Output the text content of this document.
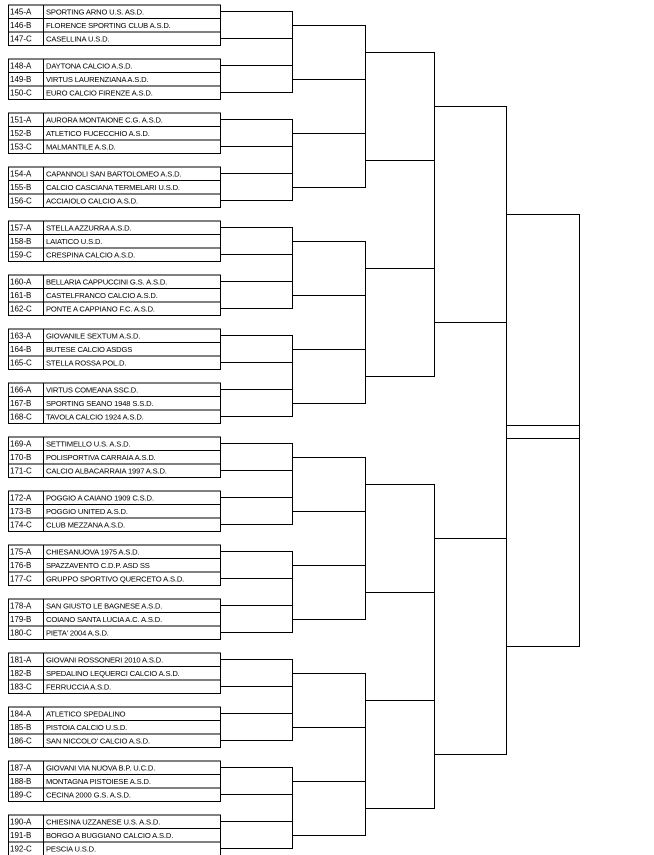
145-A SPORTING ARNO U.S. AS.D.
146-B FLORENCE SPORTING CLUB A.S.D.
147-C CASELLINA U.S.D.
148-A DAYTONA CALCIO A.S.D.
149-B VIRTUS LAURENZIANA A.S.D.
150-C EURO CALCIO FIRENZE A.S.D.
151-A AURORA MONTAIONE C.G. A.S.D.
152-B ATLETICO FUCECCHIO A.S.D.
153-C MALMANTILE A.S.D.
154-A CAPANNOLI SAN BARTOLOMEO A.S.D.
155-B CALCIO CASCIANA TERMELARI U.S.D.
156-C ACCIAIOLO CALCIO A.S.D.
157-A STELLA AZZURRA A.S.D.
158-B LAIATICO U.S.D.
159-C CRESPINA CALCIO A.S.D.
160-A BELLARIA CAPPUCCINI G.S. A.S.D.
161-B CASTELFRANCO CALCIO A.S.D.
162-C PONTE A CAPPIANO F.C. A.S.D.
163-A GIOVANILE SEXTUM A.S.D.
164-B BUTESE CALCIO ASDGS
165-C STELLA ROSSA POL.D.
166-A VIRTUS COMEANA SSC.D.
167-B SPORTING SEANO 1948 S.S.D.
168-C TAVOLA CALCIO 1924 A.S.D.
169-A SETTIMELLO U.S. A.S.D.
170-B POLISPORTIVA CARRAIA A.S.D.
171-C CALCIO ALBACARRAIA 1997 A.S.D.
172-A POGGIO A CAIANO 1909 C.S.D.
173-B POGGIO UNITED A.S.D.
174-C CLUB MEZZANA A.S.D.
175-A CHIESANUOVA 1975 A.S.D.
176-B SPAZZAVENTO C.D.P. ASD SS
177-C GRUPPO SPORTIVO QUERCETO A.S.D.
178-A SAN GIUSTO LE BAGNESE A.S.D.
179-B COIANO SANTA LUCIA A.C. A.S.D.
180-C PIETA' 2004 A.S.D.
181-A GIOVANI ROSSONERI 2010 A.S.D.
182-B SPEDALINO LEQUERCI CALCIO A.S.D.
183-C FERRUCCIA A.S.D.
184-A ATLETICO SPEDALINO
185-B PISTOIA CALCIO U.S.D.
186-C SAN NICCOLO' CALCIO A.S.D.
187-A GIOVANI VIA NUOVA B.P. U.C.D.
188-B MONTAGNA PISTOIESE A.S.D.
189-C CECINA 2000 G.S. A.S.D.
190-A CHIESINA UZZANESE U.S. A.S.D.
191-B BORGO A BUGGIANO CALCIO A.S.D.
192-C PESCIA U.S.D.
